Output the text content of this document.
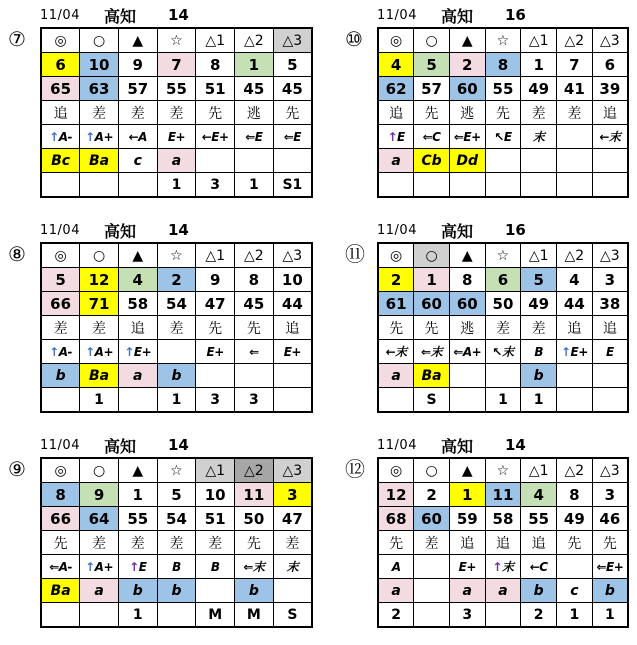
11/04 高知 14
⑦	◎	○	▲	☆	△1	△2	△3
6	10	9	7	8	1	5
65	63	57	55	51	45	45
追	差	差	差	先	逃	先
↑A-	↑A+	←A	E+	←E+	⇐E	⇐E
Bc	Ba	c	a			
			1	3	1	S1
11/04 高知 16
⑩	◎	○	▲	☆	△1	△2	△3
4	5	2	8	1	7	6
62	57	60	55	49	41	39
追	先	逃	先	差	差	追
↑E	⇐C	⇐E+	↖E	末		←末
a	Cb	Dd				

11/04 高知 14
⑧	◎	○	▲	☆	△1	△2	△3
5	12	4	2	9	8	10
66	71	58	54	47	45	44
差	差	追	差	先	先	追
↑A-	↑A+	↑E+		E+	⇐	E+
b	Ba	a	b			
	1		1	3	3	
11/04 高知 16
⑪	◎	○	▲	☆	△1	△2	△3
2	1	8	6	5	4	3
61	60	60	50	49	44	38
先	先	逃	差	差	追	追
←末	⇐末	⇐A+	↖末	B	↑E+	E
a	Ba			b		
	S		1	1		
11/04 高知 14
⑨	◎	○	▲	☆	△1	△2	△3
8	9	1	5	10	11	3
66	64	55	54	51	50	47
先	差	差	差	差	先	差
⇐A-	↑A+	↑E	B	B	⇐末	末
Ba	a	b	b		b	
		1		M	M	S
11/04 高知 14
⑫	◎	○	▲	☆	△1	△2	△3
12	2	1	11	4	8	3
68	60	59	58	55	49	46
先	差	追	追	追	先	先
A		E+	↑末	←C		⇐E+
a		a	a	b	c	b
2		3		2	1	1
